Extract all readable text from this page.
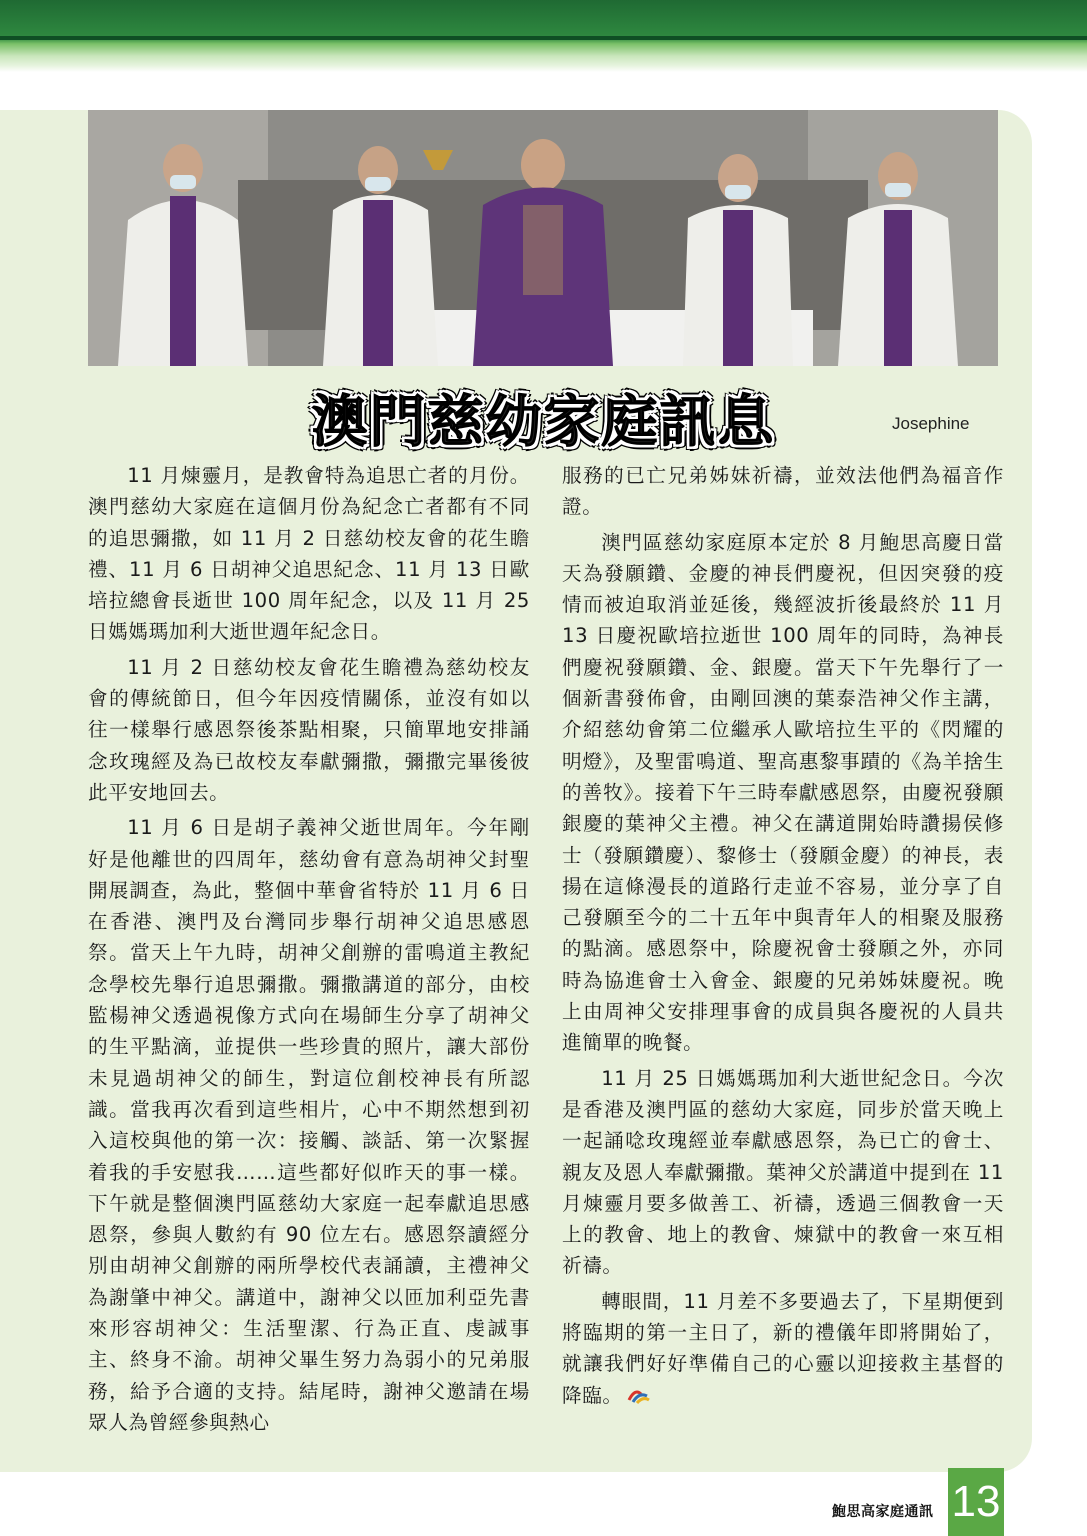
澳門慈幼家庭訊息	Josephine

11 月煉靈月，是教會特為追思亡者的月份。澳門慈幼大家庭在這個月份為紀念亡者都有不同的追思彌撒，如 11 月 2 日慈幼校友會的花生瞻禮、11 月 6 日胡神父追思紀念、11 月 13 日歐培拉總會長逝世 100 周年紀念，以及 11 月 25 日媽媽瑪加利大逝世週年紀念日。

11 月 2 日慈幼校友會花生瞻禮為慈幼校友會的傳統節日，但今年因疫情關係，並沒有如以往一樣舉行感恩祭後茶點相聚，只簡單地安排誦念玫瑰經及為已故校友奉獻彌撒，彌撒完畢後彼此平安地回去。

11 月 6 日是胡子義神父逝世周年。今年剛好是他離世的四周年，慈幼會有意為胡神父封聖開展調查，為此，整個中華會省特於 11 月 6 日在香港、澳門及台灣同步舉行胡神父追思感恩祭。當天上午九時，胡神父創辦的雷鳴道主教紀念學校先舉行追思彌撒。彌撒講道的部分，由校監楊神父透過視像方式向在場師生分享了胡神父的生平點滴，並提供一些珍貴的照片，讓大部份未見過胡神父的師生，對這位創校神長有所認識。當我再次看到這些相片，心中不期然想到初入這校與他的第一次：接觸、談話、第一次緊握着我的手安慰我……這些都好似昨天的事一樣。下午就是整個澳門區慈幼大家庭一起奉獻追思感恩祭，參與人數約有 90 位左右。感恩祭讀經分別由胡神父創辦的兩所學校代表誦讀，主禮神父為謝肇中神父。講道中，謝神父以匝加利亞先書來形容胡神父：生活聖潔、行為正直、虔誠事主、終身不渝。胡神父畢生努力為弱小的兄弟服務，給予合適的支持。結尾時，謝神父邀請在場眾人為曾經參與熱心

服務的已亡兄弟姊妹祈禱，並效法他們為福音作證。

澳門區慈幼家庭原本定於 8 月鮑思高慶日當天為發願鑽、金慶的神長們慶祝，但因突發的疫情而被迫取消並延後，幾經波折後最終於 11 月 13 日慶祝歐培拉逝世 100 周年的同時，為神長們慶祝發願鑽、金、銀慶。當天下午先舉行了一個新書發佈會，由剛回澳的葉泰浩神父作主講，介紹慈幼會第二位繼承人歐培拉生平的《閃耀的明燈》，及聖雷鳴道、聖高惠黎事蹟的《為羊捨生的善牧》。接着下午三時奉獻感恩祭，由慶祝發願銀慶的葉神父主禮。神父在講道開始時讚揚侯修士（發願鑽慶）、黎修士（發願金慶）的神長，表揚在這條漫長的道路行走並不容易，並分享了自己發願至今的二十五年中與青年人的相聚及服務的點滴。感恩祭中，除慶祝會士發願之外，亦同時為協進會士入會金、銀慶的兄弟姊妹慶祝。晚上由周神父安排理事會的成員與各慶祝的人員共進簡單的晚餐。

11 月 25 日媽媽瑪加利大逝世紀念日。今次是香港及澳門區的慈幼大家庭，同步於當天晚上一起誦唸玫瑰經並奉獻感恩祭，為已亡的會士、親友及恩人奉獻彌撒。葉神父於講道中提到在 11 月煉靈月要多做善工、祈禱，透過三個教會一天上的教會、地上的教會、煉獄中的教會一來互相祈禱。

轉眼間，11 月差不多要過去了，下星期便到將臨期的第一主日了，新的禮儀年即將開始了，就讓我們好好準備自己的心靈以迎接救主基督的降臨。

鮑思高家庭通訊 13
